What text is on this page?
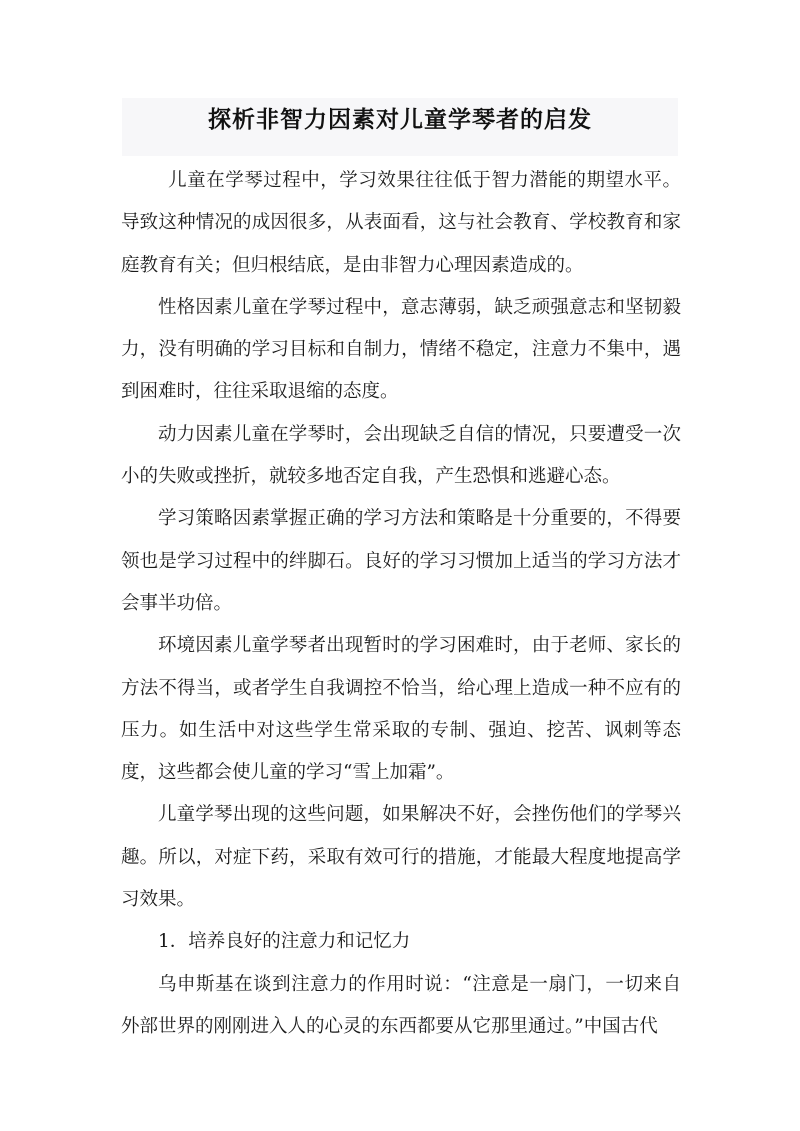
探析非智力因素对儿童学琴者的启发

儿童在学琴过程中，学习效果往往低于智力潜能的期望水平。导致这种情况的成因很多，从表面看，这与社会教育、学校教育和家庭教育有关；但归根结底，是由非智力心理因素造成的。

性格因素儿童在学琴过程中，意志薄弱，缺乏顽强意志和坚韧毅力，没有明确的学习目标和自制力，情绪不稳定，注意力不集中，遇到困难时，往往采取退缩的态度。

动力因素儿童在学琴时，会出现缺乏自信的情况，只要遭受一次小的失败或挫折，就较多地否定自我，产生恐惧和逃避心态。

学习策略因素掌握正确的学习方法和策略是十分重要的，不得要领也是学习过程中的绊脚石。良好的学习习惯加上适当的学习方法才会事半功倍。

环境因素儿童学琴者出现暂时的学习困难时，由于老师、家长的方法不得当，或者学生自我调控不恰当，给心理上造成一种不应有的压力。如生活中对这些学生常采取的专制、强迫、挖苦、讽刺等态度，这些都会使儿童的学习“雪上加霜”。

儿童学琴出现的这些问题，如果解决不好，会挫伤他们的学琴兴趣。所以，对症下药，采取有效可行的措施，才能最大程度地提高学习效果。

1．培养良好的注意力和记忆力

乌申斯基在谈到注意力的作用时说：“注意是一扇门，一切来自外部世界的刚刚进入人的心灵的东西都要从它那里通过。”中国古代
